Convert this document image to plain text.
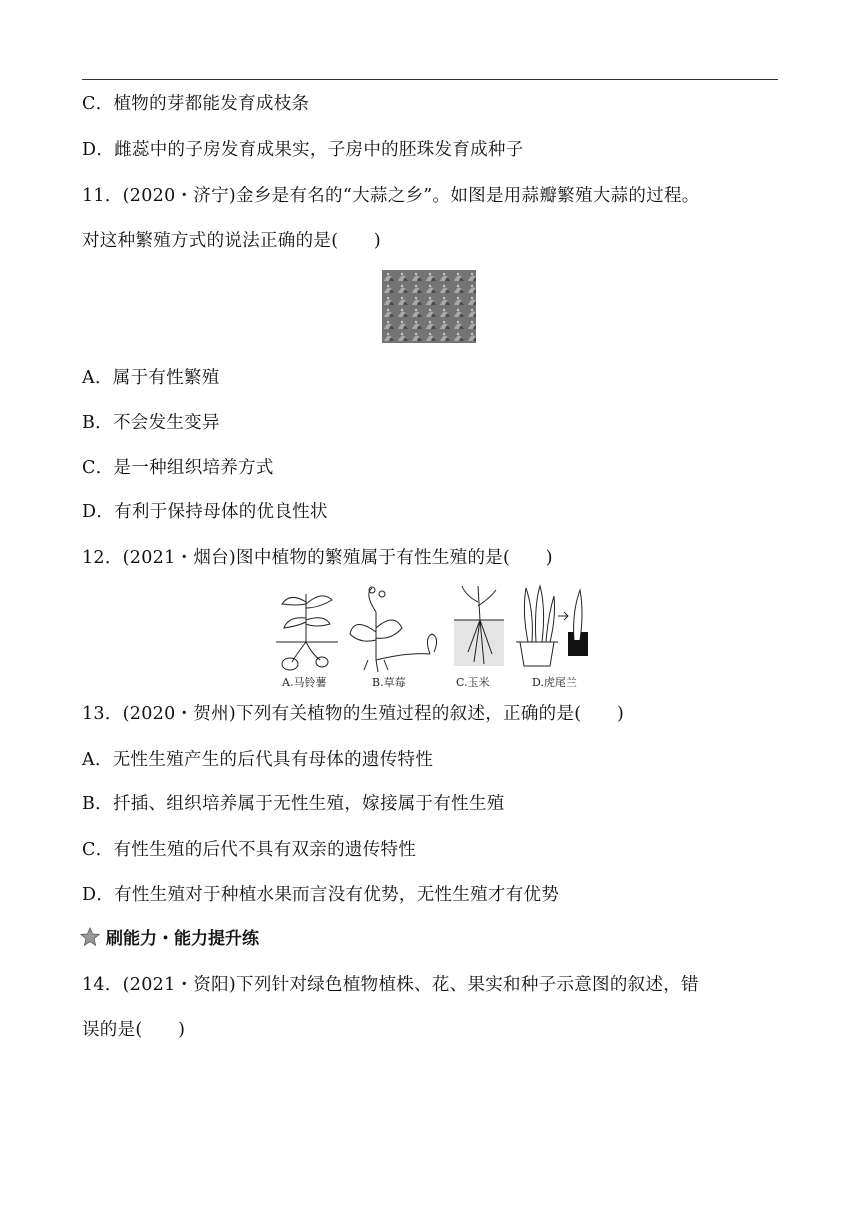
C．植物的芽都能发育成枝条
D．雌蕊中的子房发育成果实，子房中的胚珠发育成种子
11．(2020・济宁)金乡是有名的“大蒜之乡”。如图是用蒜瓣繁殖大蒜的过程。
对这种繁殖方式的说法正确的是(　　)
A．属于有性繁殖
B．不会发生变异
C．是一种组织培养方式
D．有利于保持母体的优良性状
12．(2021・烟台)图中植物的繁殖属于有性生殖的是(　　)
A.马铃薯	B.草莓	C.玉米	D.虎尾兰
13．(2020・贺州)下列有关植物的生殖过程的叙述，正确的是(　　)
A．无性生殖产生的后代具有母体的遗传特性
B．扦插、组织培养属于无性生殖，嫁接属于有性生殖
C．有性生殖的后代不具有双亲的遗传特性
D．有性生殖对于种植水果而言没有优势，无性生殖才有优势
刷能力・能力提升练
14．(2021・资阳)下列针对绿色植物植株、花、果实和种子示意图的叙述，错
误的是(　　)
